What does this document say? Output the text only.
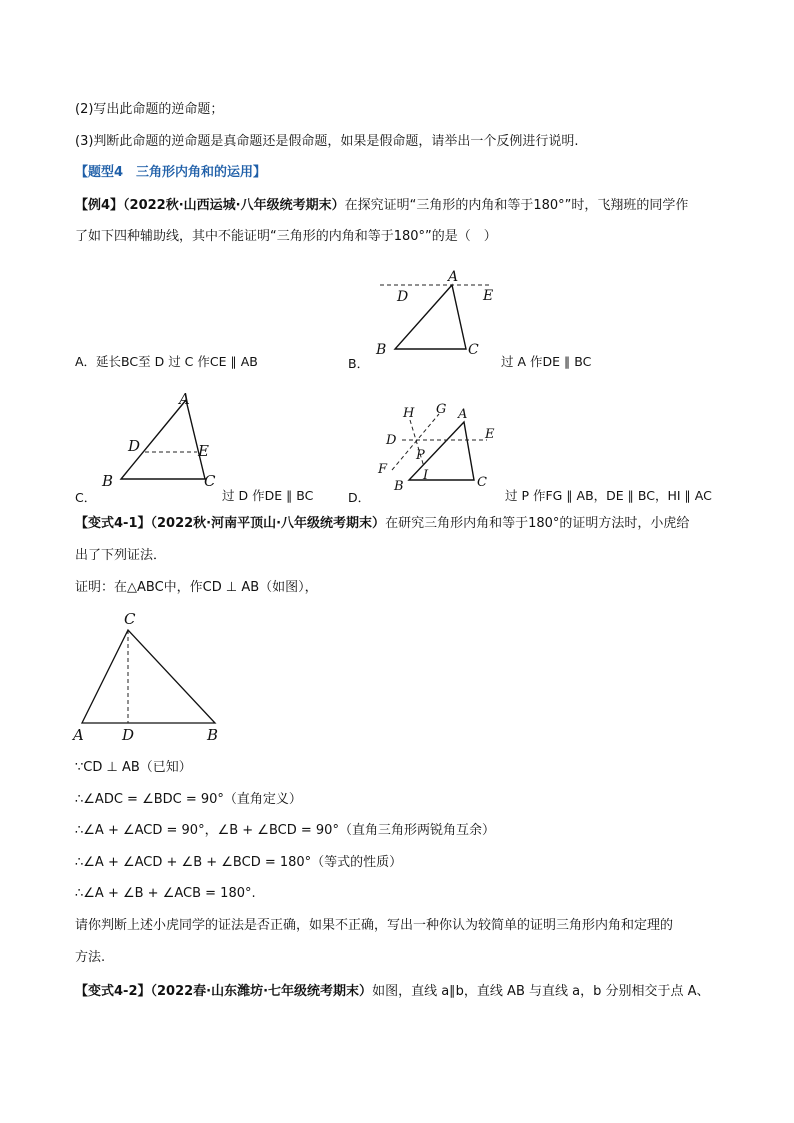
(2)写出此命题的逆命题；
(3)判断此命题的逆命题是真命题还是假命题，如果是假命题，请举出一个反例进行说明.
【题型4　三角形内角和的运用】
【例4】（2022秋·山西运城·八年级统考期末）在探究证明“三角形的内角和等于180°”时，飞翔班的同学作
了如下四种辅助线，其中不能证明“三角形的内角和等于180°”的是（　）
A
D	E
B	C
A．延长BC至 D 过 C 作CE ∥ AB	B．	过 A 作DE ∥ BC
A
D	E
B	C
C．	过 D 作DE ∥ BC
H G A
D	E
P
F	I
B	C
D．	过 P 作FG ∥ AB，DE ∥ BC，HI ∥ AC
【变式4-1】（2022秋·河南平顶山·八年级统考期末）在研究三角形内角和等于180°的证明方法时，小虎给
出了下列证法．
证明：在△ABC中，作CD ⊥ AB（如图），
C
A	D	B
∵CD ⊥ AB（已知）
∴∠ADC = ∠BDC = 90°（直角定义）
∴∠A + ∠ACD = 90°，∠B + ∠BCD = 90°（直角三角形两锐角互余）
∴∠A + ∠ACD + ∠B + ∠BCD = 180°（等式的性质）
∴∠A + ∠B + ∠ACB = 180°.
请你判断上述小虎同学的证法是否正确，如果不正确，写出一种你认为较简单的证明三角形内角和定理的
方法.
【变式4-2】（2022春·山东潍坊·七年级统考期末）如图，直线 a∥b，直线 AB 与直线 a，b 分别相交于点 A、
